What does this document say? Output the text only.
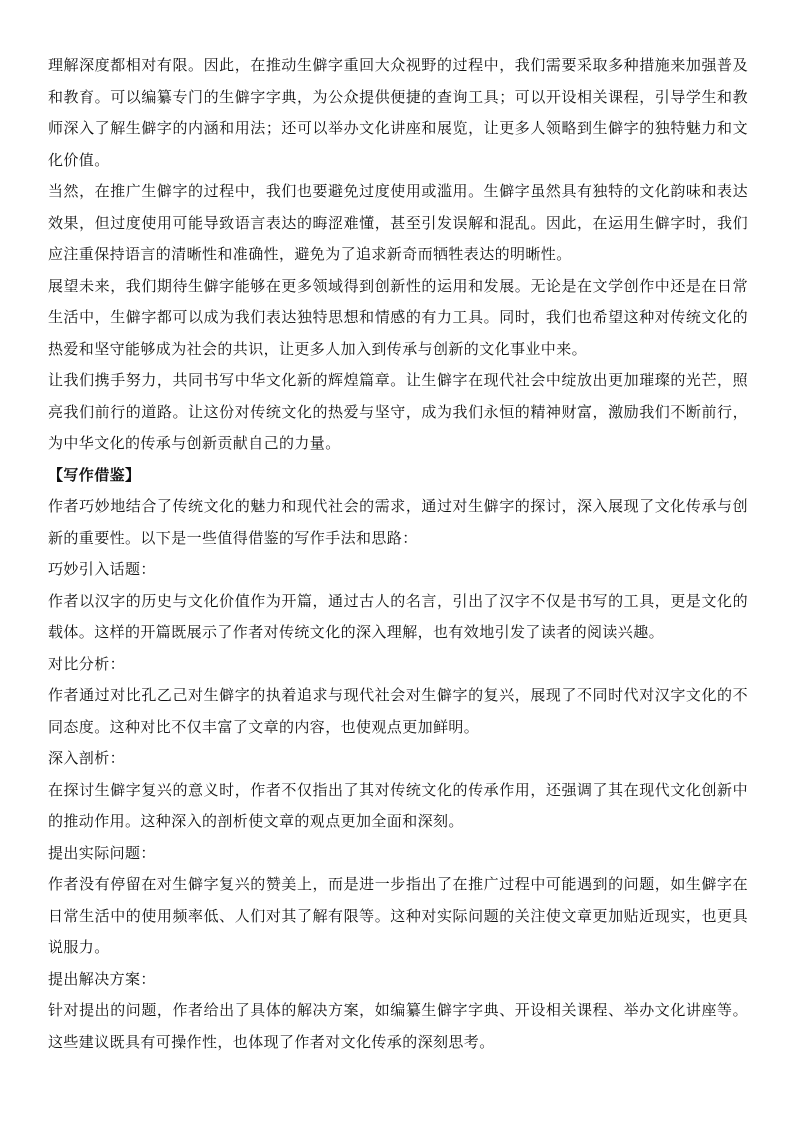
理解深度都相对有限。因此，在推动生僻字重回大众视野的过程中，我们需要采取多种措施来加强普及和教育。可以编纂专门的生僻字字典，为公众提供便捷的查询工具；可以开设相关课程，引导学生和教师深入了解生僻字的内涵和用法；还可以举办文化讲座和展览，让更多人领略到生僻字的独特魅力和文化价值。

当然，在推广生僻字的过程中，我们也要避免过度使用或滥用。生僻字虽然具有独特的文化韵味和表达效果，但过度使用可能导致语言表达的晦涩难懂，甚至引发误解和混乱。因此，在运用生僻字时，我们应注重保持语言的清晰性和准确性，避免为了追求新奇而牺牲表达的明晰性。

展望未来，我们期待生僻字能够在更多领域得到创新性的运用和发展。无论是在文学创作中还是在日常生活中，生僻字都可以成为我们表达独特思想和情感的有力工具。同时，我们也希望这种对传统文化的热爱和坚守能够成为社会的共识，让更多人加入到传承与创新的文化事业中来。

让我们携手努力，共同书写中华文化新的辉煌篇章。让生僻字在现代社会中绽放出更加璀璨的光芒，照亮我们前行的道路。让这份对传统文化的热爱与坚守，成为我们永恒的精神财富，激励我们不断前行，为中华文化的传承与创新贡献自己的力量。

【写作借鉴】

作者巧妙地结合了传统文化的魅力和现代社会的需求，通过对生僻字的探讨，深入展现了文化传承与创新的重要性。以下是一些值得借鉴的写作手法和思路：

巧妙引入话题：

作者以汉字的历史与文化价值作为开篇，通过古人的名言，引出了汉字不仅是书写的工具，更是文化的载体。这样的开篇既展示了作者对传统文化的深入理解，也有效地引发了读者的阅读兴趣。

对比分析：

作者通过对比孔乙己对生僻字的执着追求与现代社会对生僻字的复兴，展现了不同时代对汉字文化的不同态度。这种对比不仅丰富了文章的内容，也使观点更加鲜明。

深入剖析：

在探讨生僻字复兴的意义时，作者不仅指出了其对传统文化的传承作用，还强调了其在现代文化创新中的推动作用。这种深入的剖析使文章的观点更加全面和深刻。

提出实际问题：

作者没有停留在对生僻字复兴的赞美上，而是进一步指出了在推广过程中可能遇到的问题，如生僻字在日常生活中的使用频率低、人们对其了解有限等。这种对实际问题的关注使文章更加贴近现实，也更具说服力。

提出解决方案：

针对提出的问题，作者给出了具体的解决方案，如编纂生僻字字典、开设相关课程、举办文化讲座等。这些建议既具有可操作性，也体现了作者对文化传承的深刻思考。
